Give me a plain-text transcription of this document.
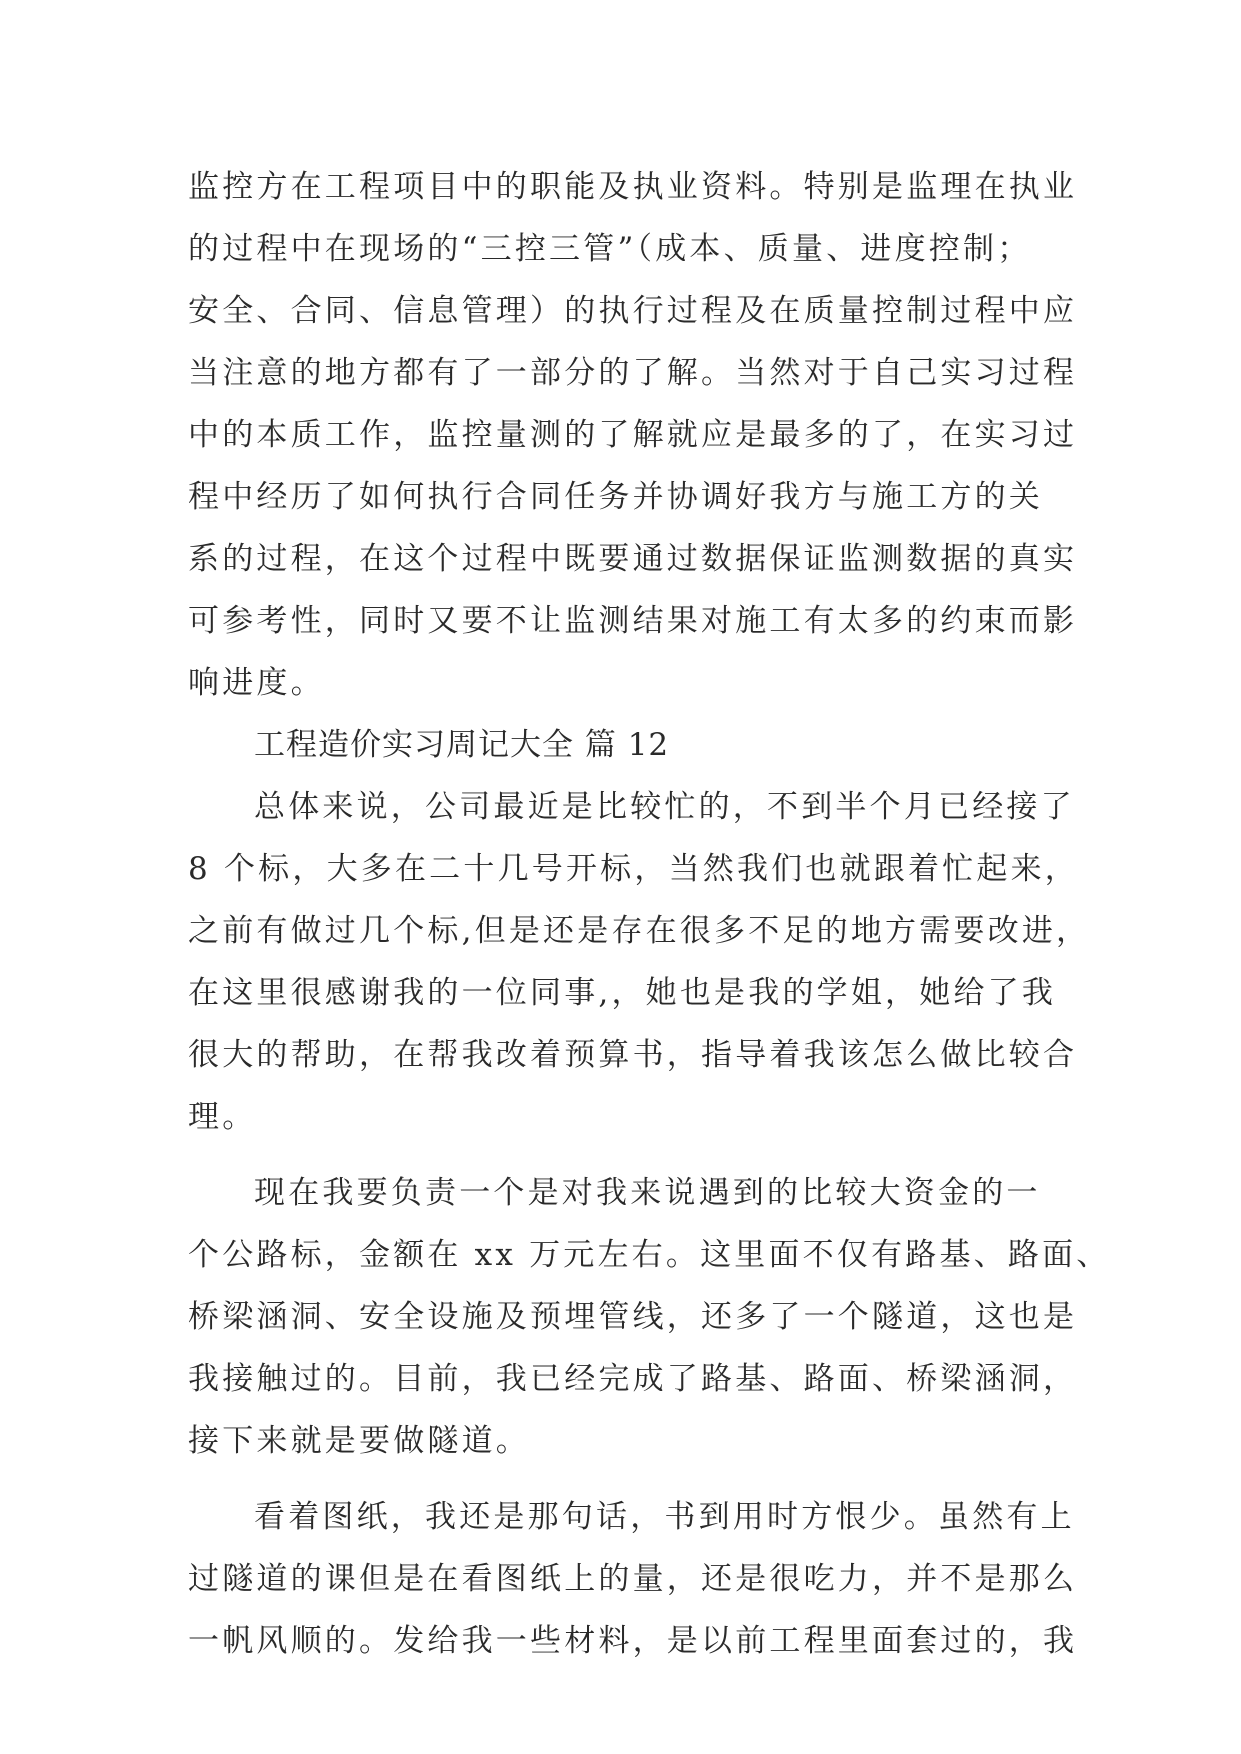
监控方在工程项目中的职能及执业资料。特别是监理在执业
的过程中在现场的“三控三管”（成本、质量、进度控制；
安全、合同、信息管理）的执行过程及在质量控制过程中应
当注意的地方都有了一部分的了解。当然对于自己实习过程
中的本质工作，监控量测的了解就应是最多的了，在实习过
程中经历了如何执行合同任务并协调好我方与施工方的关
系的过程，在这个过程中既要通过数据保证监测数据的真实
可参考性，同时又要不让监测结果对施工有太多的约束而影
响进度。
工程造价实习周记大全 篇 12
总体来说，公司最近是比较忙的，不到半个月已经接了
8 个标，大多在二十几号开标，当然我们也就跟着忙起来，
之前有做过几个标,但是还是存在很多不足的地方需要改进，
在这里很感谢我的一位同事,，她也是我的学姐，她给了我
很大的帮助，在帮我改着预算书，指导着我该怎么做比较合
理。
现在我要负责一个是对我来说遇到的比较大资金的一
个公路标，金额在 xx 万元左右。这里面不仅有路基、路面、
桥梁涵洞、安全设施及预埋管线，还多了一个隧道，这也是
我接触过的。目前，我已经完成了路基、路面、桥梁涵洞，
接下来就是要做隧道。
看着图纸，我还是那句话，书到用时方恨少。虽然有上
过隧道的课但是在看图纸上的量，还是很吃力，并不是那么
一帆风顺的。发给我一些材料，是以前工程里面套过的，我
